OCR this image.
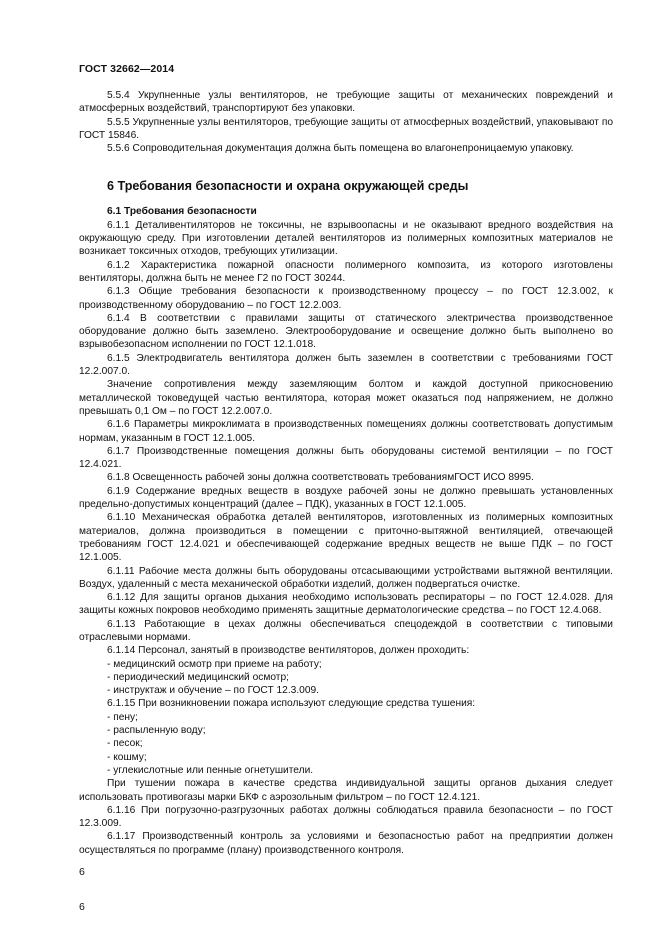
ГОСТ 32662—2014

5.5.4 Укрупненные узлы вентиляторов, не требующие защиты от механических повреждений и атмосферных воздействий, транспортируют без упаковки.

5.5.5 Укрупненные узлы вентиляторов, требующие защиты от атмосферных воздействий, упаковывают по ГОСТ 15846.

5.5.6 Сопроводительная документация должна быть помещена во влагонепроницаемую упаковку.

6 Требования безопасности и охрана окружающей среды
6.1 Требования безопасности

6.1.1 Деталивентиляторов не токсичны, не взрывоопасны и не оказывают вредного воздействия на окружающую среду. При изготовлении деталей вентиляторов из полимерных композитных материалов не возникает токсичных отходов, требующих утилизации.

6.1.2 Характеристика пожарной опасности полимерного композита, из которого изготовлены вентиляторы, должна быть не менее Г2 по ГОСТ 30244.

6.1.3 Общие требования безопасности к производственному процессу – по ГОСТ 12.3.002, к производственному оборудованию – по ГОСТ 12.2.003.

6.1.4 В соответствии с правилами защиты от статического электричества производственное оборудование должно быть заземлено. Электрооборудование и освещение должно быть выполнено во взрывобезопасном исполнении по ГОСТ 12.1.018.

6.1.5 Электродвигатель вентилятора должен быть заземлен в соответствии с требованиями ГОСТ 12.2.007.0.

Значение сопротивления между заземляющим болтом и каждой доступной прикосновению металлической токоведущей частью вентилятора, которая может оказаться под напряжением, не должно превышать 0,1 Ом – по ГОСТ 12.2.007.0.

6.1.6 Параметры микроклимата в производственных помещениях должны соответствовать допустимым нормам, указанным в ГОСТ 12.1.005.

6.1.7 Производственные помещения должны быть оборудованы системой вентиляции – по ГОСТ 12.4.021.

6.1.8 Освещенность рабочей зоны должна соответствовать требованиямГОСТ ИСО 8995.

6.1.9 Содержание вредных веществ в воздухе рабочей зоны не должно превышать установленных предельно-допустимых концентраций (далее – ПДК), указанных в ГОСТ 12.1.005.

6.1.10 Механическая обработка деталей вентиляторов, изготовленных из полимерных композитных материалов, должна производиться в помещении с приточно-вытяжной вентиляцией, отвечающей требованиям ГОСТ 12.4.021 и обеспечивающей содержание вредных веществ не выше ПДК – по ГОСТ 12.1.005.

6.1.11 Рабочие места должны быть оборудованы отсасывающими устройствами вытяжной вентиляции. Воздух, удаленный с места механической обработки изделий, должен подвергаться очистке.

6.1.12 Для защиты органов дыхания необходимо использовать респираторы – по ГОСТ 12.4.028. Для защиты кожных покровов необходимо применять защитные дерматологические средства – по ГОСТ 12.4.068.

6.1.13 Работающие в цехах должны обеспечиваться спецодеждой в соответствии с типовыми отраслевыми нормами.

6.1.14 Персонал, занятый в производстве вентиляторов, должен проходить:

- медицинский осмотр при приеме на работу;

- периодический медицинский осмотр;

- инструктаж и обучение – по ГОСТ 12.3.009.

6.1.15 При возникновении пожара используют следующие средства тушения:

- пену;

- распыленную воду;

- песок;

- кошму;

- углекислотные или пенные огнетушители.

При тушении пожара в качестве средства индивидуальной защиты органов дыхания следует использовать противогазы марки БКФ с аэрозольным фильтром – по ГОСТ 12.4.121.

6.1.16 При погрузочно-разгрузочных работах должны соблюдаться правила безопасности – по ГОСТ 12.3.009.

6.1.17 Производственный контроль за условиями и безопасностью работ на предприятии должен осуществляться по программе (плану) производственного контроля.

6
6
